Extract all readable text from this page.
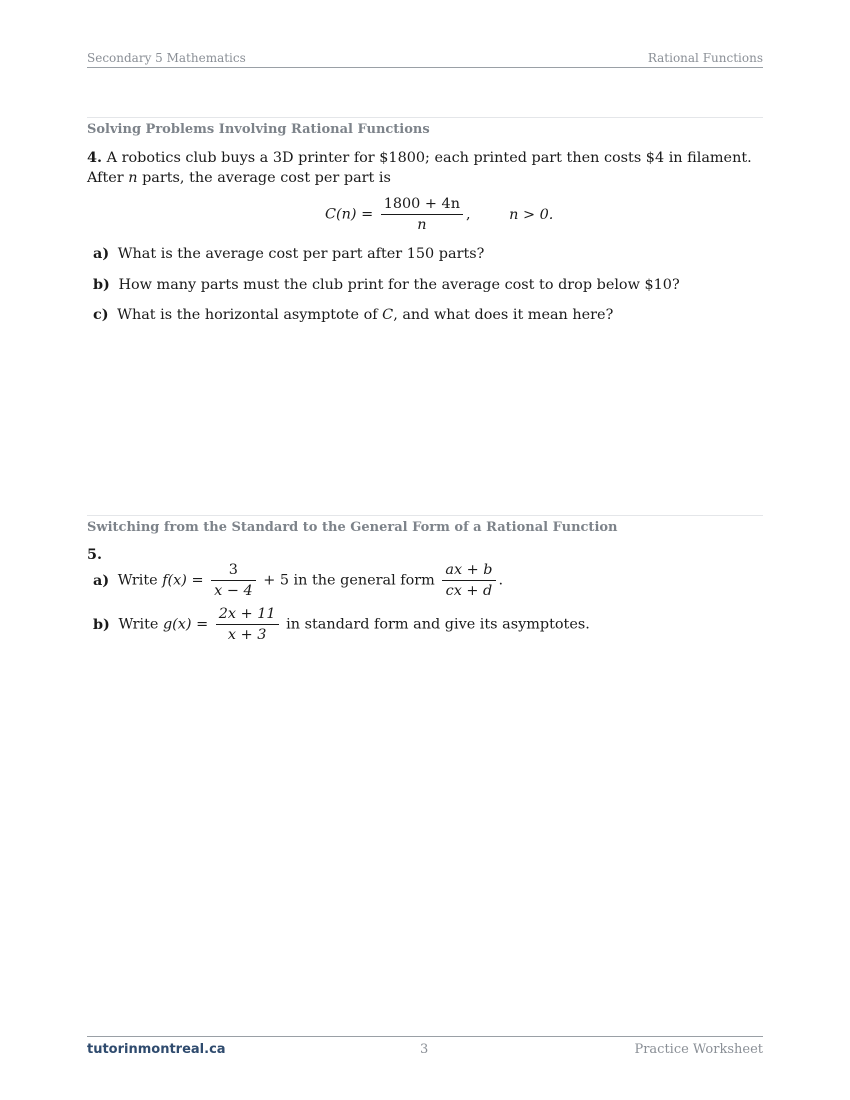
Secondary 5 Mathematics	Rational Functions
Solving Problems Involving Rational Functions
4. A robotics club buys a 3D printer for $1800; each printed part then costs $4 in filament. After n parts, the average cost per part is
$C(n) = \frac{1800 + 4n}{n}$ ,	n > 0.
a) What is the average cost per part after 150 parts?
b) How many parts must the club print for the average cost to drop below $10?
c) What is the horizontal asymptote of C, and what does it mean here?
Switching from the Standard to the General Form of a Rational Function
5.
a) Write $f(x) = \frac{3}{x - 4} + 5$ in the general form $\frac{ax + b}{cx + d}$ .
b) Write $g(x) = \frac{2x + 11}{x + 3}$ in standard form and give its asymptotes.
tutorinmontreal.ca	3	Practice Worksheet
